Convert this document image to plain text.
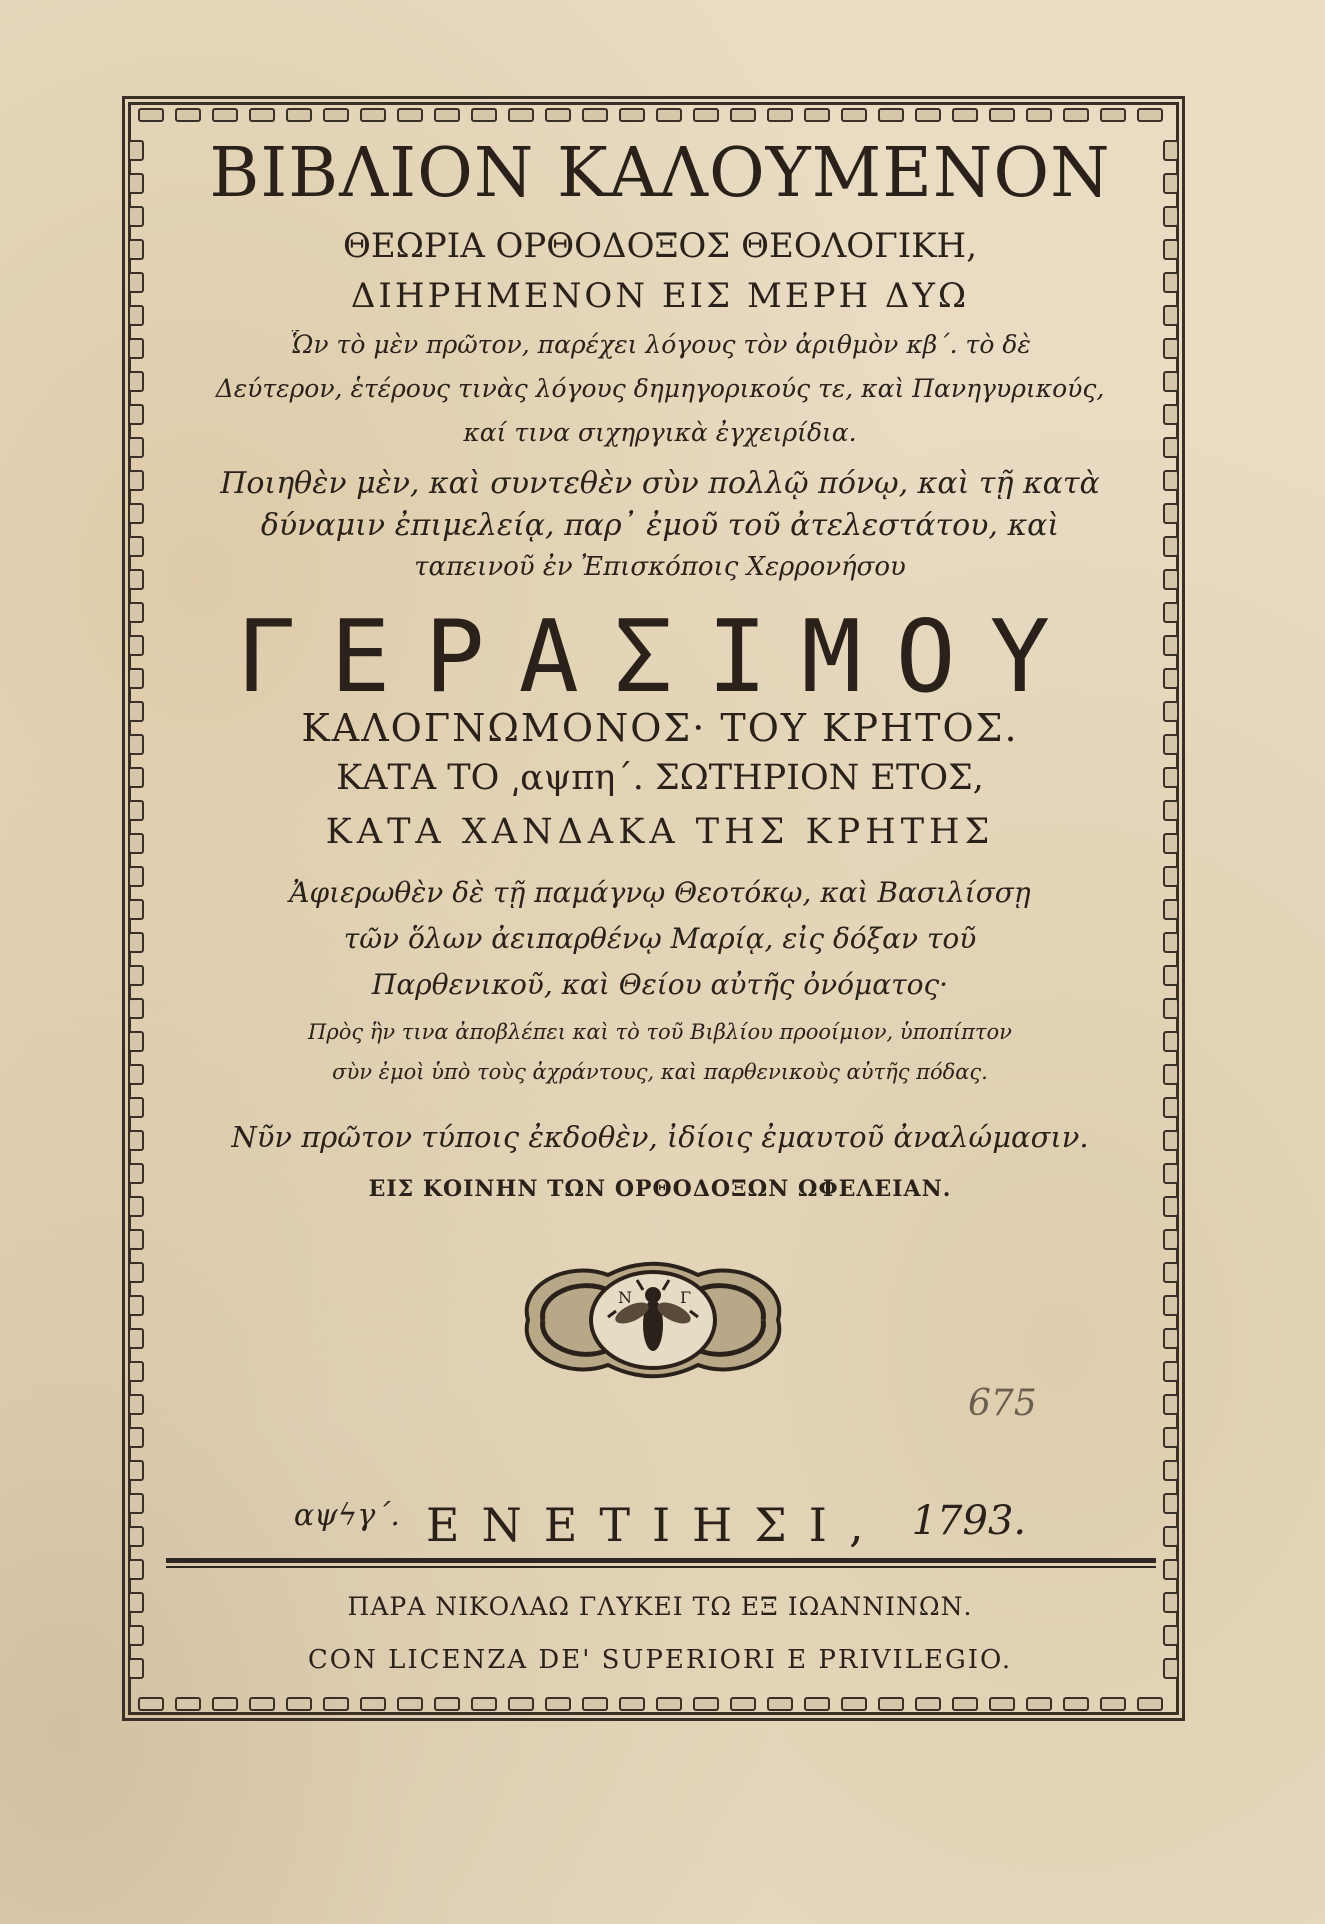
ΒΙΒΛΙΟΝ ΚΑΛΟΥΜΕΝΟΝ
ΘΕΩΡΙΑ ΟΡΘΟΔΟΞΟΣ ΘΕΟΛΟΓΙΚΗ,
ΔΙΗΡΗΜΕΝΟΝ ΕΙΣ ΜΕΡΗ ΔΥΩ
Ὧν τὸ μὲν πρῶτον, παρέχει λόγους τὸν ἀριθμὸν κβ΄. τὸ δὲ
Δεύτερον, ἑτέρους τινὰς λόγους δημηγορικούς τε, καὶ Πανηγυρικούς,
καί τινα σιχηργικὰ ἐγχειρίδια.
Ποιηθὲν μὲν, καὶ συντεθὲν σὺν πολλῷ πόνῳ, καὶ τῇ κατὰ
δύναμιν ἐπιμελείᾳ, παρ᾽ ἐμοῦ τοῦ ἀτελεστάτου, καὶ
ταπεινοῦ ἐν Ἐπισκόποις Χερρονήσου
ΓΕΡΑΣΙΜΟΥ
ΚΑΛΟΓΝΩΜΟΝΟΣ· ΤΟΥ ΚΡΗΤΟΣ.
ΚΑΤΑ ΤΟ ͵αψπη΄. ΣΩΤΗΡΙΟΝ ΕΤΟΣ,
ΚΑΤΑ ΧΑΝΔΑΚΑ ΤΗΣ ΚΡΗΤΗΣ
Ἀφιερωθὲν δὲ τῇ παμάγνῳ Θεοτόκῳ, καὶ Βασιλίσσῃ
τῶν ὅλων ἀειπαρθένῳ Μαρίᾳ, εἰς δόξαν τοῦ
Παρθενικοῦ, καὶ Θείου αὐτῆς ὀνόματος·
Πρὸς ἣν τινα ἀποβλέπει καὶ τὸ τοῦ Βιβλίου προοίμιον, ὑποπίπτον
σὺν ἐμοὶ ὑπὸ τοὺς ἀχράντους, καὶ παρθενικοὺς αὐτῆς πόδας.
Νῦν πρῶτον τύποις ἐκδοθὲν, ἰδίοις ἐμαυτοῦ ἀναλώμασιν.
ΕΙΣ ΚΟΙΝΗΝ ΤΩΝ ΟΡΘΟΔΟΞΩΝ ΩΦΕΛΕΙΑΝ.
Ν	Γ
675
αψϟγ΄. ΕΝΕΤΙΗΣΙ, 1793.
ΠΑΡΑ ΝΙΚΟΛΑΩ ΓΛΥΚΕΙ ΤΩ ΕΞ ΙΩΑΝΝΙΝΩΝ.
CON LICENZA DE' SUPERIORI E PRIVILEGIO.
